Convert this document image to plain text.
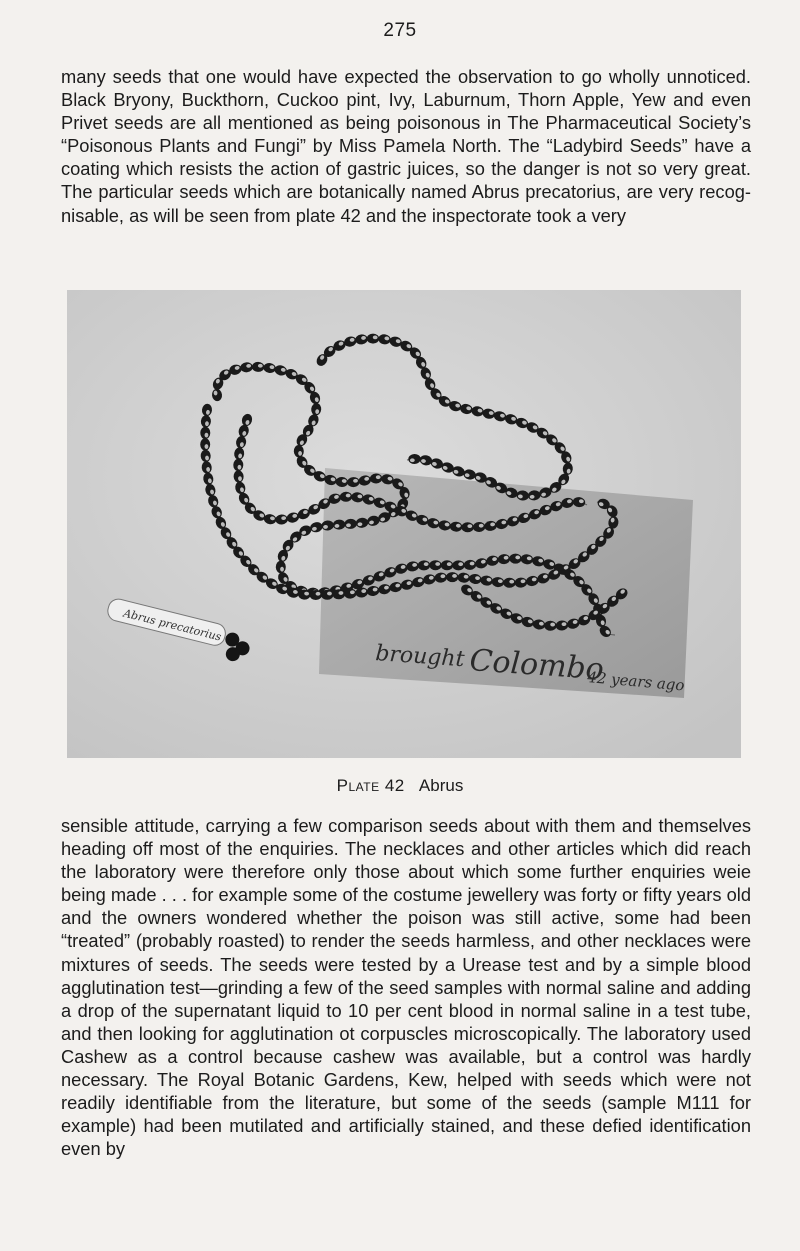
275

many seeds that one would have expected the observation to go wholly unnoticed. Black Bryony, Buckthorn, Cuckoo pint, Ivy, Laburnum, Thorn Apple, Yew and even Privet seeds are all mentioned as being poisonous in The Pharmaceutical Society’s “Poisonous Plants and Fungi” by Miss Pamela North. The “Ladybird Seeds” have a coating which resists the action of gastric juices, so the danger is not so very great. The particular seeds which are botanically named Abrus precatorius, are very recog- nisable, as will be seen from plate 42 and the inspectorate took a very

brought Colombo
42 years ago
Abrus precatorius
Plate 42 Abrus

sensible attitude, carrying a few comparison seeds about with them and themselves heading off most of the enquiries. The necklaces and other articles which did reach the laboratory were therefore only those about which some further enquiries weie being made . . . for example some of the costume jewellery was forty or fifty years old and the owners wondered whether the poison was still active, some had been “treated” (probably roasted) to render the seeds harmless, and other necklaces were mixtures of seeds. The seeds were tested by a Urease test and by a simple blood agglutination test—grinding a few of the seed samples with normal saline and adding a drop of the supernatant liquid to 10 per cent blood in normal saline in a test tube, and then looking for agglutination ot corpuscles microscopically. The laboratory used Cashew as a control because cashew was available, but a control was hardly necessary. The Royal Botanic Gardens, Kew, helped with seeds which were not readily identifiable from the literature, but some of the seeds (sample M111 for example) had been mutilated and artificially stained, and these defied identification even by
